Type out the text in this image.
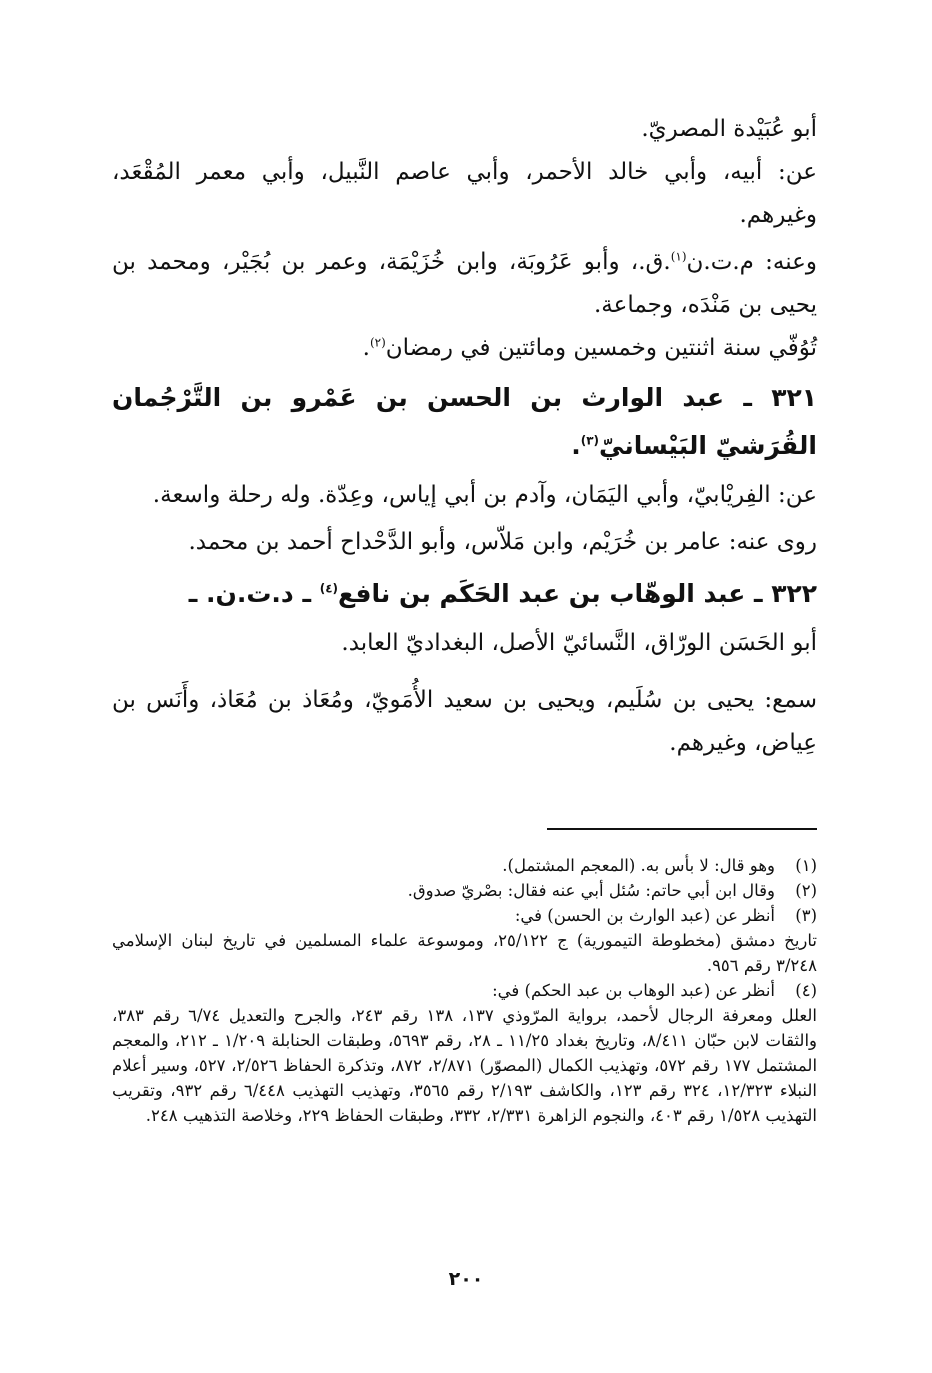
أبو عُبَيْدة المصريّ.

عن: أبيه، وأبي خالد الأحمر، وأبي عاصم النَّبيل، وأبي معمر المُقْعَد، وغيرهم.

وعنه: م.ت.ن$^{(١)}$.ق.، وأبو عَرُوبَة، وابن خُزَيْمَة، وعمر بن بُجَيْر، ومحمد بن يحيى بن مَنْدَه، وجماعة.

تُوُفّي سنة اثنتين وخمسين ومائتين في رمضان$^{(٢)}$.

٣٢١ ـ عبد الوارث بن الحسن بن عَمْرو بن التَّرْجُمان القُرَشيّ البَيْسانيّ$^{(٣)}$.

عن: الفِريْابيّ، وأبي اليَمَان، وآدم بن أبي إياس، وعِدّة. وله رحلة واسعة.

روى عنه: عامر بن خُرَيْم، وابن مَلاّس، وأبو الدَّحْداح أحمد بن محمد.

٣٢٢ ـ عبد الوهّاب بن عبد الحَكَم بن نافع$^{(٤)}$ ـ د.ت.ن. ـ

أبو الحَسَن الورّاق، النَّسائيّ الأصل، البغداديّ العابد.

سمع: يحيى بن سُلَيم، ويحيى بن سعيد الأُمَويّ، ومُعَاذ بن مُعَاذ، وأَنَس بن عِياض، وغيرهم.

(١)
وهو قال: لا بأس به. (المعجم المشتمل).
(٢)
وقال ابن أبي حاتم: سُئل أبي عنه فقال: بصْريّ صدوق.
(٣)
أنظر عن (عبد الوارث بن الحسن) في:
تاريخ دمشق (مخطوطة التيمورية) ج ٢٥/١٢٢، وموسوعة علماء المسلمين في تاريخ لبنان الإسلامي ٣/٢٤٨ رقم ٩٥٦.
(٤)
أنظر عن (عبد الوهاب بن عبد الحكم) في:
العلل ومعرفة الرجال لأحمد، برواية المرّوذي ١٣٧، ١٣٨ رقم ٢٤٣، والجرح والتعديل ٦/٧٤ رقم ٣٨٣، والثقات لابن حبّان ٨/٤١١، وتاريخ بغداد ١١/٢٥ ـ ٢٨، رقم ٥٦٩٣، وطبقات الحنابلة ١/٢٠٩ ـ ٢١٢، والمعجم المشتمل ١٧٧ رقم ٥٧٢، وتهذيب الكمال (المصوّر) ٢/٨٧١، ٨٧٢، وتذكرة الحفاظ ٢/٥٢٦، ٥٢٧، وسير أعلام النبلاء ١٢/٣٢٣، ٣٢٤ رقم ١٢٣، والكاشف ٢/١٩٣ رقم ٣٥٦٥، وتهذيب التهذيب ٦/٤٤٨ رقم ٩٣٢، وتقريب التهذيب ١/٥٢٨ رقم ٤٠٣، والنجوم الزاهرة ٢/٣٣١، ٣٣٢، وطبقات الحفاظ ٢٢٩، وخلاصة التذهيب ٢٤٨.
٢٠٠
